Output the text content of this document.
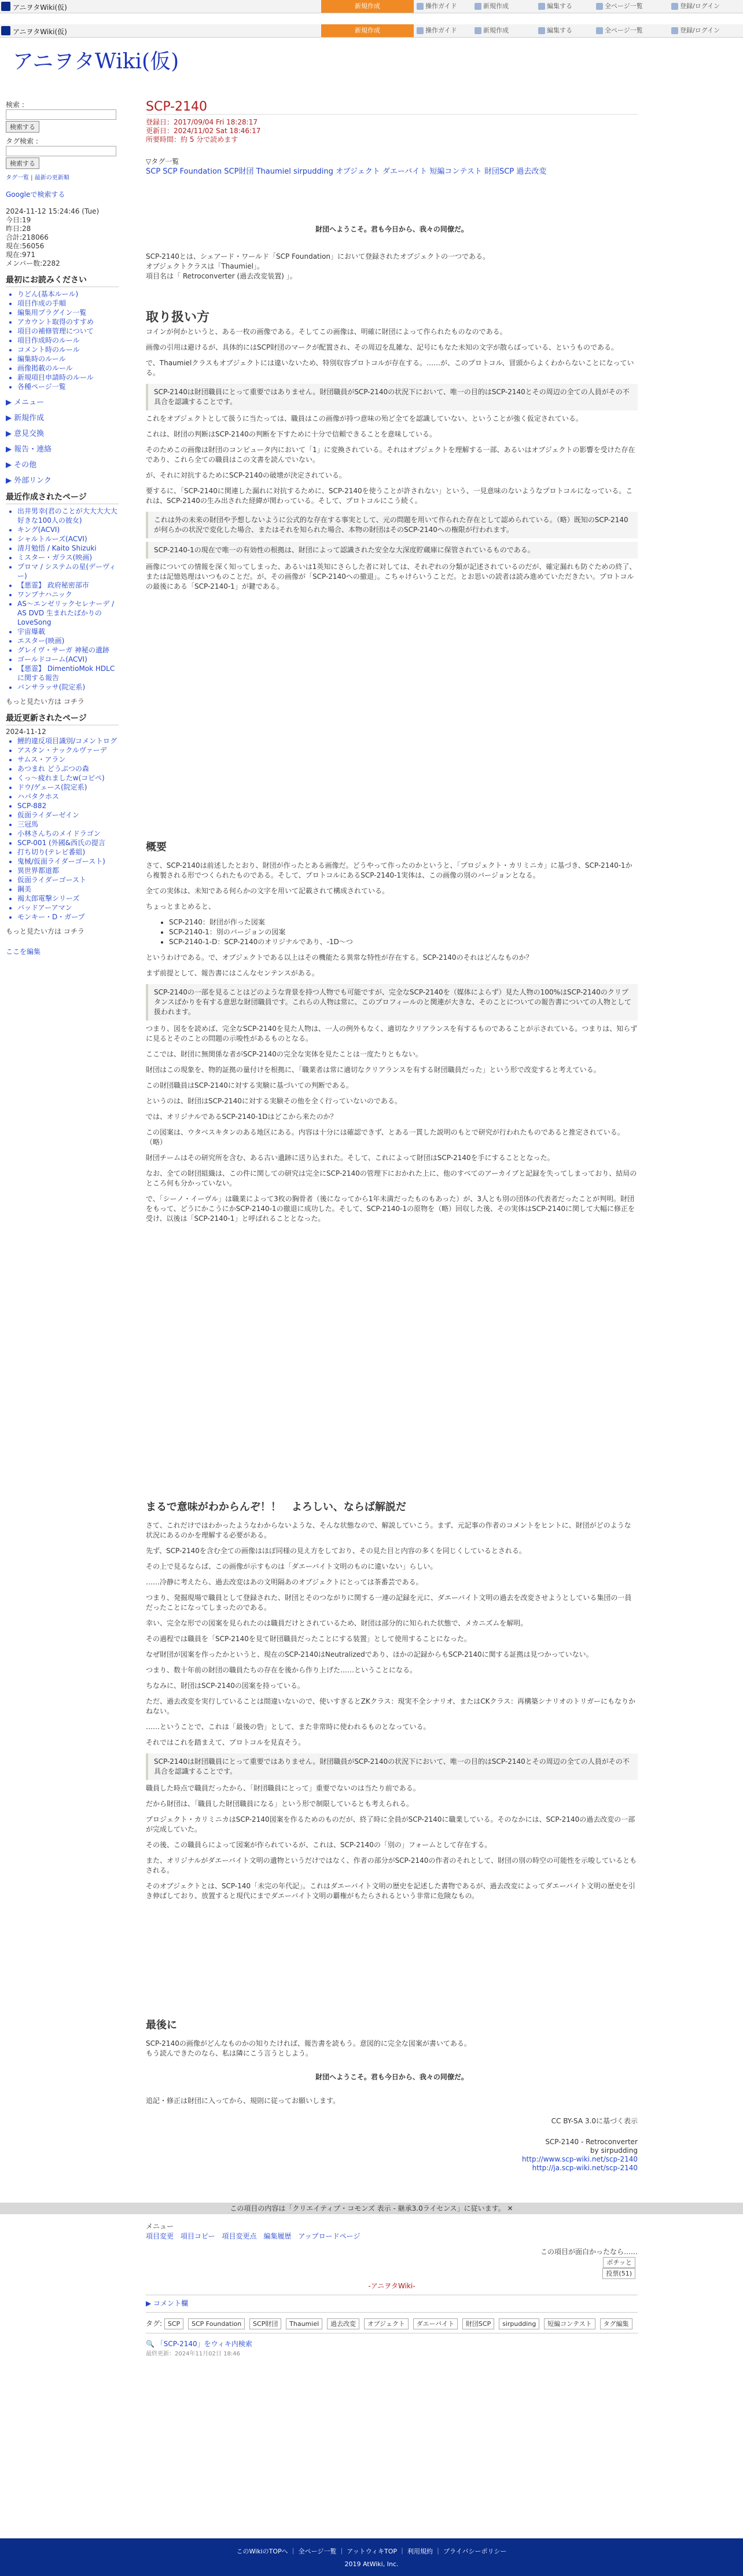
アニヲタWiki(仮)	新規作成	操作ガイド	新規作成	編集する	全ページ一覧	登録/ログイン
アニヲタWiki(仮)	新規作成	操作ガイド	新規作成	編集する	全ページ一覧	登録/ログイン
アニヲタWiki(仮)
検索 :
検索する
タグ検索 :
検索する
タグ一覧 | 最新の更新順
Googleで検索する

2024-11-12 15:24:46 (Tue)

今日:19

昨日:28

合計:218066

現在:56056

現在:971

メンバー数:2282

最初にお読みください
• りどん(基本ルール)
• 項目作成の手順
• 編集用プラグイン一覧
• アカウント取得のすすめ
• 項目の補修管理について
• 項目作成時のルール
• コメント時のルール
• 編集時のルール
• 画像掲載のルール
• 新規項目申請時のルール
• 各種ページ一覧
▶ メニュー
▶ 新規作成
▶ 意見交換
▶ 報告・連絡
▶ その他
▶ 外部リンク
最近作成されたページ
• 出井男幸(君のことが大大大大大好きな100人の彼女)
• キング(ACVI)
• シャルトルーズ(ACVI)
• 清月勉悟 / Kaito Shizuki
• ミスター・ガラス(映画)
• プロマ / システムの星(デーヴィー)
• 【悪霊】 政府秘密部市
• ワンプナハニック
• AS〜エンゼリックセレナーデ / AS DVD 生まれたばかりのLoveSong
• 宇宙爆載
• エスター(映画)
• グレイヴ・サーガ 神秘の遺跡
• ゴールドコーム(ACVI)
• 【悪霊】 DimentioMok HDLCに関する報告
• バンサラッサ(院定系)

もっと見たい方は コチラ

最近更新されたページ

2024-11-12

• 鯉的違反項目識別/コメントログ
• アスタン・ナックルヴァーデ
• サムス・アラン
• あつまれ どうぶつの森
• くっ〜疲れましたw(コピペ)
• ドウ/ゲェース(院定系)
• ハパタクホス
• SCP-882
• 仮面ライダーゼイン
• 三冠馬
• 小林さんちのメイドラゴン
• SCP-001 (外國&西氏の提言
• 打ち切り(テレビ番組)
• 鬼械/仮面ライダーゴースト)
• 異世界都道都
• 仮面ライダーゴースト
• 鋼美
• 褐太郎電撃シリーズ
• バッドアーアマン
• モンキー・D・ガープ

もっと見たい方は コチラ

ここを編集

SCP-2140
登録日：2017/09/04 Fri 18:28:17
更新日：2024/11/02 Sat 18:46:17
所要時間：約 5 分で読めます
▽タグ一覧
SCP SCP Foundation SCP財団 Thaumiel sirpudding オブジェクト ダエーバイト 短編コンテスト 財団SCP 過去改変

財団へようこそ。君も今日から、我々の同僚だ。

SCP-2140とは、シェアード・ワールド「SCP Foundation」において登録されたオブジェクトの一つである。

オブジェクトクラスは「Thaumiel」。

項目名は「 Retroconverter (過去改変装置) 」。

取り扱い方

コインが何かというと、ある一枚の画像である。そしてこの画像は、明確に財団によって作られたものなのである。

画像の引用は避けるが、具体的にはSCP財団のマークが配置され、その周辺を乱雑な、記号にもなた未知の文字が散らばっている、というものである。

で、Thaumielクラスもオブジェクトには違いないため、特別収容プロトコルが存在する。……が、このプロトコル、冒頭からよくわからないことになっている。

SCP-2140は財団職員にとって重要ではありません。財団職員がSCP-2140の状況下において、唯一の目的はSCP-2140とその周辺の全ての人員がその不具合を認識することです。

これをオブジェクトとして扱うに当たっては、職員はこの画像が持つ意味の殆ど全てを認識していない、ということが強く仮定されている。

これは、財団の判断はSCP-2140の判断を下すために十分で信頼できることを意味している。

そのためこの画像は財団のコンピュータ内において「1」に変換されている。それはオブジェクトを理解する一部、あるいはオブジェクトの影響を受けた存在であり、これら全ての職員はこの文書を読んでいない。

が、それに対抗するためにSCP-2140の破壊が決定されている。

要するに、「SCP-2140に関連した漏れに対抗するために、SCP-2140を使うことが許されない」という、一見意味のないようなプロトコルになっている。これは、SCP-2140の生み出された経緯が関わっている。そして、プロトコルにこう続く。

これは外の未来の財団や予想しないように公式的な存在する事実として、元の問題を用いて作られた存在として認められている。（略）既知のSCP-2140が何らかの状況で変化した場合、またはそれを知られた場合、本物の財団はそのSCP-2140への権限が行われます。
SCP-2140-1の現在で唯一の有効性の根拠は、財団によって認識された安全な大深度貯蔵庫に保管されているものである。

画像についての情報を深く知ってしまった、あるいは1英知にさらした者に対しては、それぞれの分類が記述されているのだが、確定漏れも防ぐための終了、または記憶処理はいつものことだ。が、その画像が「SCP-2140への撤退」。こちゃけらいうことだ。とお思いの読者は読み進めていただきたい。プロトコルの最後にある「SCP-2140-1」が鍵である。

概要

さて、SCP-2140は前述したとおり、財団が作ったとある画像だ。どうやって作ったのかというと、「プロジェクト・カリミニカ」に基づき、SCP-2140-1から複製される形でつくられたものである。そして、プロトコルにあるSCP-2140-1実体は、この画像の別のバージョンとなる。

全ての実体は、未知である何らかの文字を用いて記載されて構成されている。

ちょっとまとめると、

• SCP-2140：財団が作った図案
• SCP-2140-1：別のバージョンの図案
• SCP-2140-1-D：SCP-2140のオリジナルであり、-1D〜つ

というわけである。で、オブジェクトである以上はその機能たる異常な特性が存在する。SCP-2140のそれはどんなものか？

まず前提として、報告書にはこんなセンテンスがある。

SCP-2140の一部を見ることはどのような背景を持つ人物でも可能ですが、完全なSCP-2140を（媒体によらず）見た人物の100%はSCP-2140のクリプタンスばかりを有する意思な財団職員です。これらの人物は常に、このプロフィールのと関連が大きな、そのことについての報告書についての人物として扱われます。

つまり、図をを読めば、完全なSCP-2140を見た人物は、一人の例外もなく、適切なクリアランスを有するものであることが示されている。つまりは、知らずに見るとそのことの問題の示唆性があるものとなる。

ここでは、財団に無関係な者がSCP-2140の完全な実体を見たことは一度たりともない。

財団はこの現象を、物的証拠の量付けを根拠に、「職業者は常に適切なクリアランスを有する財団職員だった」という形で改変すると考えている。

この財団職員はSCP-2140に対する実験に基づいての判断である。

というのは、財団はSCP-2140に対する実験その他を全く行っていないのである。

では、オリジナルであるSCP-2140-1Dはどこから来たのか？

この図案は、ウタベスキタンのある地区にある。内容は十分には確認できず、とある一貫した説明のもとで研究が行われたものであると推定されている。（略）

財団チームはその研究所を含む、ある古い遺跡に送り込まれた。そして、これによって財団はSCP-2140を手にすることとなった。

なお、全ての財団組織は、この件に関しての研究は完全にSCP-2140の管理下におかれた上に、他のすべてのアーカイブと記録を失ってしまっており、結局のところ何も分かっていない。

で、「シーノ・イーヴル」は職業によって3枚の胸骨者（後になってから1年未満だったものもあった）が、3人とも別の団体の代表者だったことが判明。財団をもって、どうにかこうにかSCP-2140-1の撤退に成功した。そして、SCP-2140-1の原物を（略）回収した後、その実体はSCP-2140に関して大幅に修正を受け、以後は「SCP-2140-1」と呼ばれることとなった。

まるで意味がわからんぞ！！　よろしい、ならば解説だ

さて、これだけではわかったようなわからないような、そんな状態なので、解説していこう。まず、元記事の作者のコメントをヒントに、財団がどのような状況にあるのかを理解する必要がある。

先ず、SCP-2140を含む全ての画像はほぼ同様の見え方をしており、その見た目と内容の多くを同じくしているとされる。

その上で見るならば、この画像が示すものは「ダエーバイト文明のものに違いない」らしい。

……冷静に考えたら、過去改変はあの文明隔あのオブジェクトにとっては茶番芸である。

つまり、発掘現場で職員として登録された、財団とそのつながりに関する一連の記録を元に、ダエーバイト文明の過去を改変させようとしている集団の一員だったことになってしまったのである。

幸い、完全な形での図案を見られたのは職員だけとされているため、財団は部分的に知られた状態で、メカニズムを解明。

その過程では職員を「SCP-2140を見て財団職員だったことにする装置」として使用することになった。

なぜ財団が図案を作ったかというと、現在のSCP-2140はNeutralizedであり、ほかの記録からもSCP-2140に関する証拠は見つかっていない。

つまり、数十年前の財団の職員たちの存在を後から作り上げた……ということになる。

ちなみに、財団はSCP-2140の図案を持っている。

ただ、過去改変を実行していることは間違いないので、使いすぎるとZKクラス：現実不全シナリオ、またはCKクラス：再構築シナリオのトリガーにもなりかねない。

……ということで、これは「最後の砦」として、また非常時に使われるものとなっている。

それではこれを踏まえて、プロトコルを見直そう。

SCP-2140は財団職員にとって重要ではありません。財団職員がSCP-2140の状況下において、唯一の目的はSCP-2140とその周辺の全ての人員がその不具合を認識することです。

職員した時点で職員だったから、「財団職員にとって」重要でないのは当たり前である。

だから財団は、「職員した財団職員になる」という形で制限しているとも考えられる。

プロジェクト・カリミニカはSCP-2140図案を作るためのものだが、終了時に全員がSCP-2140に職業している。そのなかには、SCP-2140の過去改変の一部が完成していた。

その後、この職員らによって図案が作られているが、これは、SCP-2140の「別の」フォームとして存在する。

また、オリジナルがダエーバイト文明の遺物というだけではなく、作者の部分がSCP-2140の作者のそれとして、財団の別の時空の可能性を示唆しているともされる。

そのオブジェクトとは、SCP-140「未完の年代記」。これはダエーバイト文明の歴史を記述した書物であるが、過去改変によってダエーバイト文明の歴史を引き伸ばしており、放置すると現代にまでダエーバイト文明の覇権がもたらされるという非常に危険なもの。

最後に

SCP-2140の画像がどんなものかの知りたければ、報告書を読もう。意図的に完全な図案が書いてある。

もう読んできたのなら、私は隣にこう言うとしよう。

財団へようこそ。君も今日から、我々の同僚だ。

追記・修正は財団に入ってから、規則に従ってお願いします。

CC BY-SA 3.0に基づく表示
SCP-2140 - Retroconverter
by sirpudding
http://www.scp-wiki.net/scp-2140
http://ja.scp-wiki.net/scp-2140
この項目の内容は「クリエイティブ・コモンズ 表示 - 継承3.0ライセンス」に従います。 ✕
メニュー
項目変更　項目コピー　項目変更点　編集履歴　アップロードページ
この項目が面白かったなら……
ポチッと
投票(51)
-アニヲタWiki-
▶ コメント欄
タグ: SCP SCP Foundation SCP財団 Thaumiel 過去改変 オブジェクト ダエーバイト 財団SCP sirpudding 短編コンテスト タグ編集
🔍 「SCP-2140」をウィキ内検索
最終更新：2024年11月02日 18:46
このWikiのTOPへ ｜ 全ページ一覧 ｜ アットウィキTOP ｜ 利用規約 ｜ プライバシーポリシー
2019 AtWiki, Inc.
